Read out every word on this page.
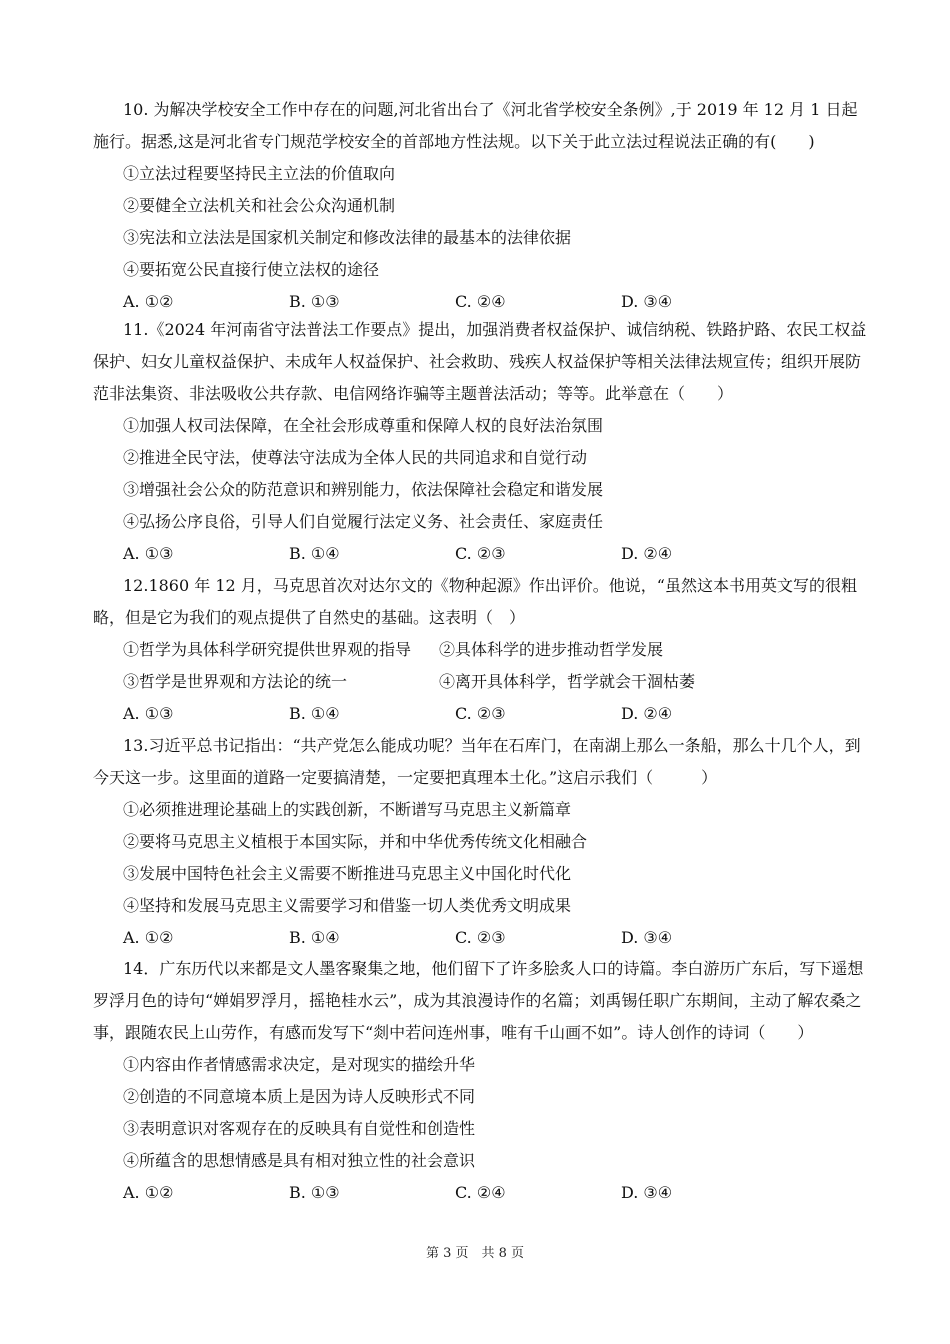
10. 为解决学校安全工作中存在的问题,河北省出台了《河北省学校安全条例》,于 2019 年 12 月 1 日起施行。据悉,这是河北省专门规范学校安全的首部地方性法规。以下关于此立法过程说法正确的有(　　)

①立法过程要坚持民主立法的价值取向

②要健全立法机关和社会公众沟通机制

③宪法和立法法是国家机关制定和修改法律的最基本的法律依据

④要拓宽公民直接行使立法权的途径

A. ①②	B. ①③	C. ②④	D. ③④

11.《2024 年河南省守法普法工作要点》提出，加强消费者权益保护、诚信纳税、铁路护路、农民工权益保护、妇女儿童权益保护、未成年人权益保护、社会救助、残疾人权益保护等相关法律法规宣传；组织开展防范非法集资、非法吸收公共存款、电信网络诈骗等主题普法活动；等等。此举意在（　　）

①加强人权司法保障，在全社会形成尊重和保障人权的良好法治氛围

②推进全民守法，使尊法守法成为全体人民的共同追求和自觉行动

③增强社会公众的防范意识和辨别能力，依法保障社会稳定和谐发展

④弘扬公序良俗，引导人们自觉履行法定义务、社会责任、家庭责任

A. ①③	B. ①④	C. ②③	D. ②④

12.1860 年 12 月，马克思首次对达尔文的《物种起源》作出评价。他说，“虽然这本书用英文写的很粗略，但是它为我们的观点提供了自然史的基础。这表明（　）

①哲学为具体科学研究提供世界观的指导	②具体科学的进步推动哲学发展
③哲学是世界观和方法论的统一	④离开具体科学，哲学就会干涸枯萎
A. ①③	B. ①④	C. ②③	D. ②④

13.习近平总书记指出：“共产党怎么能成功呢？当年在石库门，在南湖上那么一条船，那么十几个人，到今天这一步。这里面的道路一定要搞清楚，一定要把真理本土化。”这启示我们（　　　）

①必须推进理论基础上的实践创新，不断谱写马克思主义新篇章

②要将马克思主义植根于本国实际，并和中华优秀传统文化相融合

③发展中国特色社会主义需要不断推进马克思主义中国化时代化

④坚持和发展马克思主义需要学习和借鉴一切人类优秀文明成果

A. ①②	B. ①④	C. ②③	D. ③④

14．广东历代以来都是文人墨客聚集之地，他们留下了许多脍炙人口的诗篇。李白游历广东后，写下遥想罗浮月色的诗句“婵娟罗浮月，摇艳桂水云”，成为其浪漫诗作的名篇；刘禹锡任职广东期间，主动了解农桑之事，跟随农民上山劳作，有感而发写下“剡中若问连州事，唯有千山画不如”。诗人创作的诗词（　　）

①内容由作者情感需求决定，是对现实的描绘升华

②创造的不同意境本质上是因为诗人反映形式不同

③表明意识对客观存在的反映具有自觉性和创造性

④所蕴含的思想情感是具有相对独立性的社会意识

A. ①②	B. ①③	C. ②④	D. ③④
第 3 页　共 8 页
